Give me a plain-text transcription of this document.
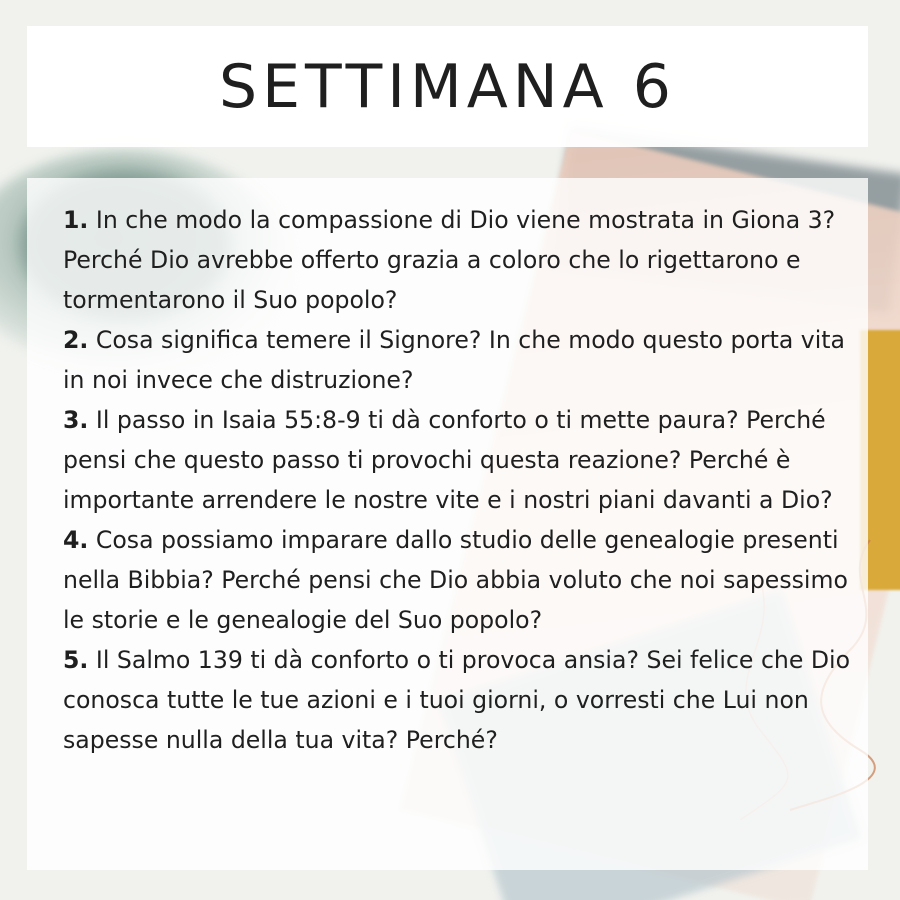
SETTIMANA 6

1. In che modo la compassione di Dio viene mostrata in Giona 3? Perché Dio avrebbe offerto grazia a coloro che lo rigettarono e tormentarono il Suo popolo?

2. Cosa significa temere il Signore? In che modo questo porta vita in noi invece che distruzione?

3. Il passo in Isaia 55:8-9 ti dà conforto o ti mette paura? Perché pensi che questo passo ti provochi questa reazione? Perché è importante arrendere le nostre vite e i nostri piani davanti a Dio?

4. Cosa possiamo imparare dallo studio delle genealogie presenti nella Bibbia? Perché pensi che Dio abbia voluto che noi sapessimo le storie e le genealogie del Suo popolo?

5. Il Salmo 139 ti dà conforto o ti provoca ansia? Sei felice che Dio conosca tutte le tue azioni e i tuoi giorni, o vorresti che Lui non sapesse nulla della tua vita? Perché?
